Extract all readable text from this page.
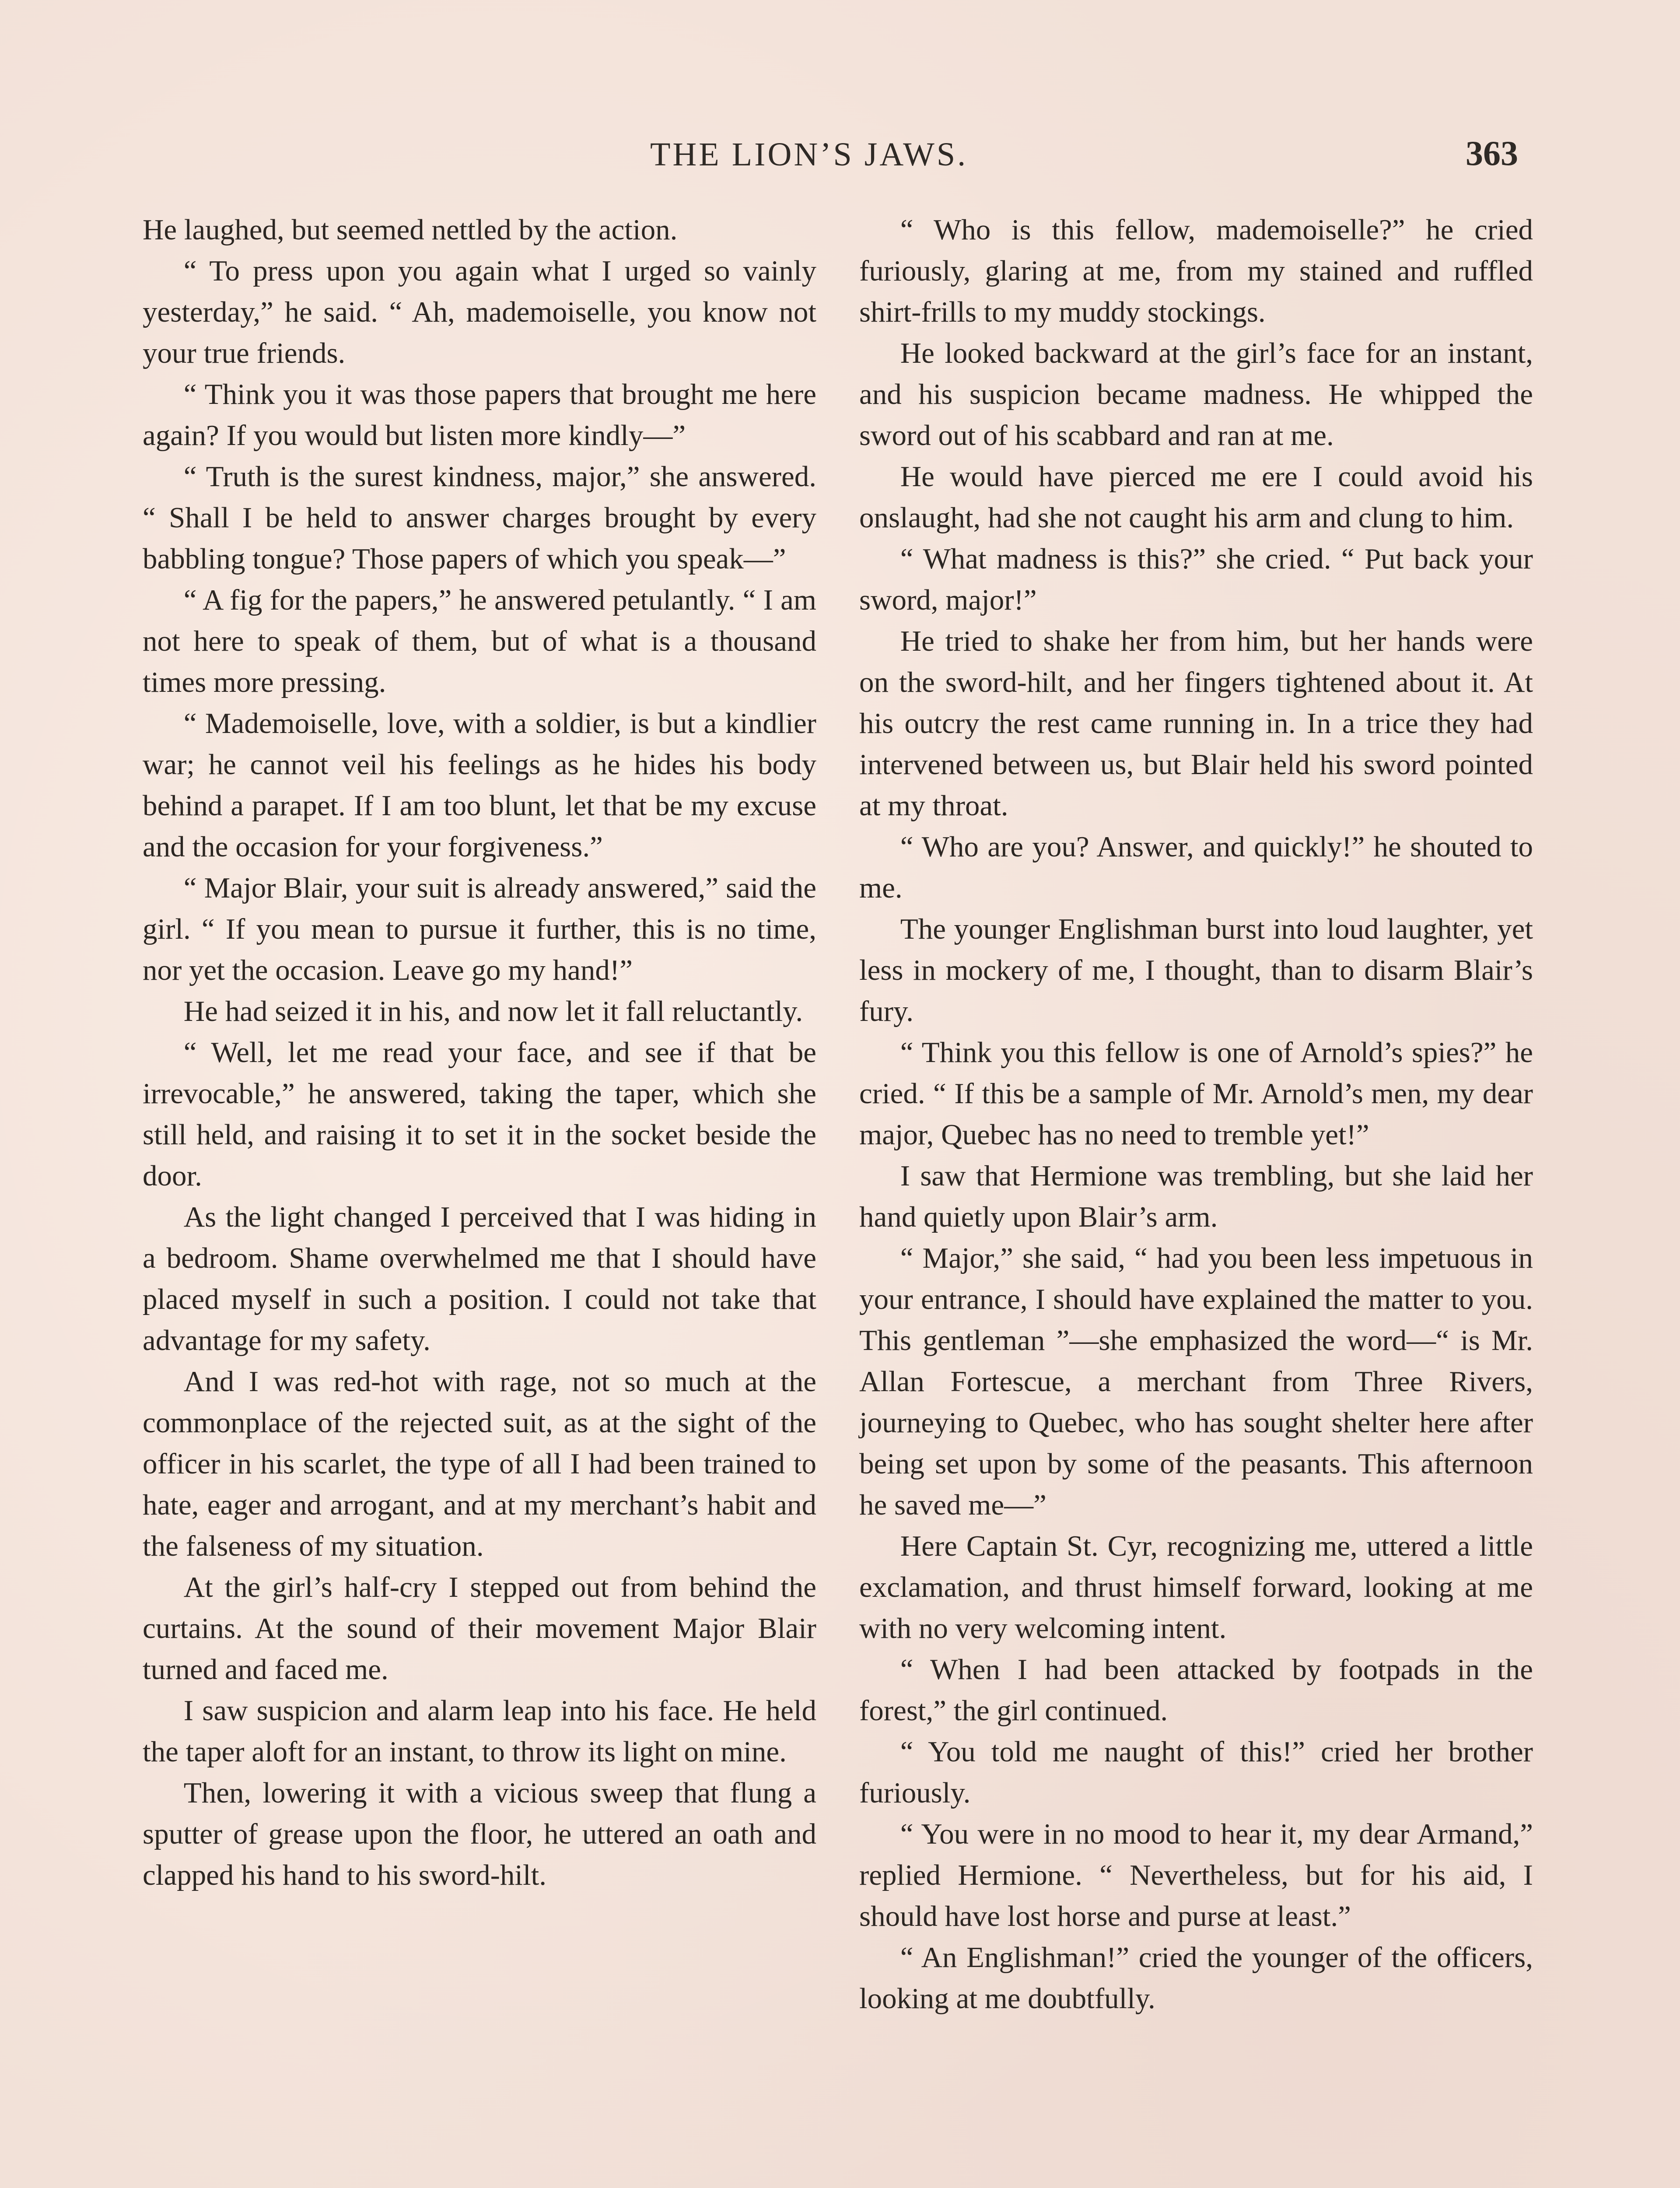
THE LION’S JAWS.	363

He laughed, but seemed nettled by the action.

“ To press upon you again what I urged so vainly yesterday,” he said. “ Ah, mademoiselle, you know not your true friends.

“ Think you it was those papers that brought me here again? If you would but listen more kindly—”

“ Truth is the surest kindness, major,” she answered. “ Shall I be held to answer charges brought by every babbling tongue? Those papers of which you speak—”

“ A fig for the papers,” he answered petulantly. “ I am not here to speak of them, but of what is a thousand times more pressing.

“ Mademoiselle, love, with a soldier, is but a kindlier war; he cannot veil his feelings as he hides his body behind a parapet. If I am too blunt, let that be my excuse and the occasion for your forgiveness.”

“ Major Blair, your suit is already answered,” said the girl. “ If you mean to pursue it further, this is no time, nor yet the occasion. Leave go my hand!”

He had seized it in his, and now let it fall reluctantly.

“ Well, let me read your face, and see if that be irrevocable,” he answered, taking the taper, which she still held, and raising it to set it in the socket beside the door.

As the light changed I perceived that I was hiding in a bedroom. Shame overwhelmed me that I should have placed myself in such a position. I could not take that advantage for my safety.

And I was red-hot with rage, not so much at the commonplace of the rejected suit, as at the sight of the officer in his scarlet, the type of all I had been trained to hate, eager and arrogant, and at my merchant’s habit and the falseness of my situation.

At the girl’s half-cry I stepped out from behind the curtains. At the sound of their movement Major Blair turned and faced me.

I saw suspicion and alarm leap into his face. He held the taper aloft for an instant, to throw its light on mine.

Then, lowering it with a vicious sweep that flung a sputter of grease upon the floor, he uttered an oath and clapped his hand to his sword-hilt.

“ Who is this fellow, mademoiselle?” he cried furiously, glaring at me, from my stained and ruffled shirt-frills to my muddy stockings.

He looked backward at the girl’s face for an instant, and his suspicion became madness. He whipped the sword out of his scabbard and ran at me.

He would have pierced me ere I could avoid his onslaught, had she not caught his arm and clung to him.

“ What madness is this?” she cried. “ Put back your sword, major!”

He tried to shake her from him, but her hands were on the sword-hilt, and her fingers tightened about it. At his outcry the rest came running in. In a trice they had intervened between us, but Blair held his sword pointed at my throat.

“ Who are you? Answer, and quickly!” he shouted to me.

The younger Englishman burst into loud laughter, yet less in mockery of me, I thought, than to disarm Blair’s fury.

“ Think you this fellow is one of Arnold’s spies?” he cried. “ If this be a sample of Mr. Arnold’s men, my dear major, Quebec has no need to tremble yet!”

I saw that Hermione was trembling, but she laid her hand quietly upon Blair’s arm.

“ Major,” she said, “ had you been less impetuous in your entrance, I should have explained the matter to you. This gentleman ”—she emphasized the word—“ is Mr. Allan Fortescue, a merchant from Three Rivers, journeying to Quebec, who has sought shelter here after being set upon by some of the peasants. This afternoon he saved me—”

Here Captain St. Cyr, recognizing me, uttered a little exclamation, and thrust himself forward, looking at me with no very welcoming intent.

“ When I had been attacked by footpads in the forest,” the girl continued.

“ You told me naught of this!” cried her brother furiously.

“ You were in no mood to hear it, my dear Armand,” replied Hermione. “ Nevertheless, but for his aid, I should have lost horse and purse at least.”

“ An Englishman!” cried the younger of the officers, looking at me doubtfully.
